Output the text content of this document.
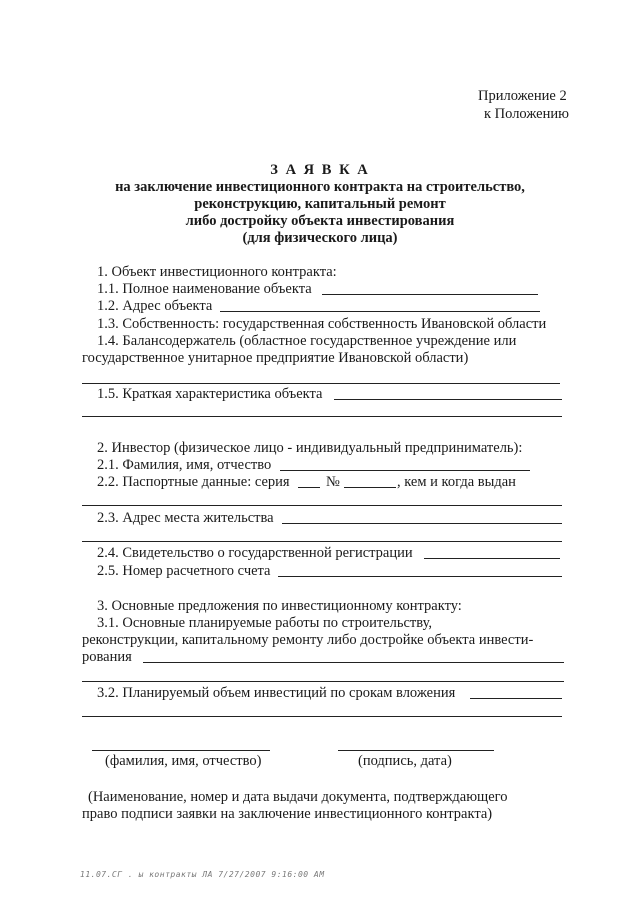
Приложение 2
к Положению
З А Я В К А
на заключение инвестиционного контракта на строительство,
реконструкцию, капитальный ремонт
либо достройку объекта инвестирования
(для физического лица)
1. Объект инвестиционного контракта:
1.1. Полное наименование объекта
1.2. Адрес объекта
1.3. Собственность: государственная собственность Ивановской области
1.4. Балансодержатель (областное государственное учреждение или
государственное унитарное предприятие Ивановской области)
1.5. Краткая характеристика объекта
2. Инвестор (физическое лицо - индивидуальный предприниматель):
2.1. Фамилия, имя, отчество
2.2. Паспортные данные: серия	№	, кем и когда выдан
2.3. Адрес места жительства
2.4. Свидетельство о государственной регистрации
2.5. Номер расчетного счета
3. Основные предложения по инвестиционному контракту:
3.1. Основные планируемые работы по строительству,
реконструкции, капитальному ремонту либо достройке объекта инвести-
рования
3.2. Планируемый объем инвестиций по срокам вложения
(фамилия, имя, отчество)	(подпись, дата)
(Наименование, номер и дата выдачи документа, подтверждающего
право подписи заявки на заключение инвестиционного контракта)
11.07.СГ . ы контракты ЛА 7/27/2007 9:16:00 AM
